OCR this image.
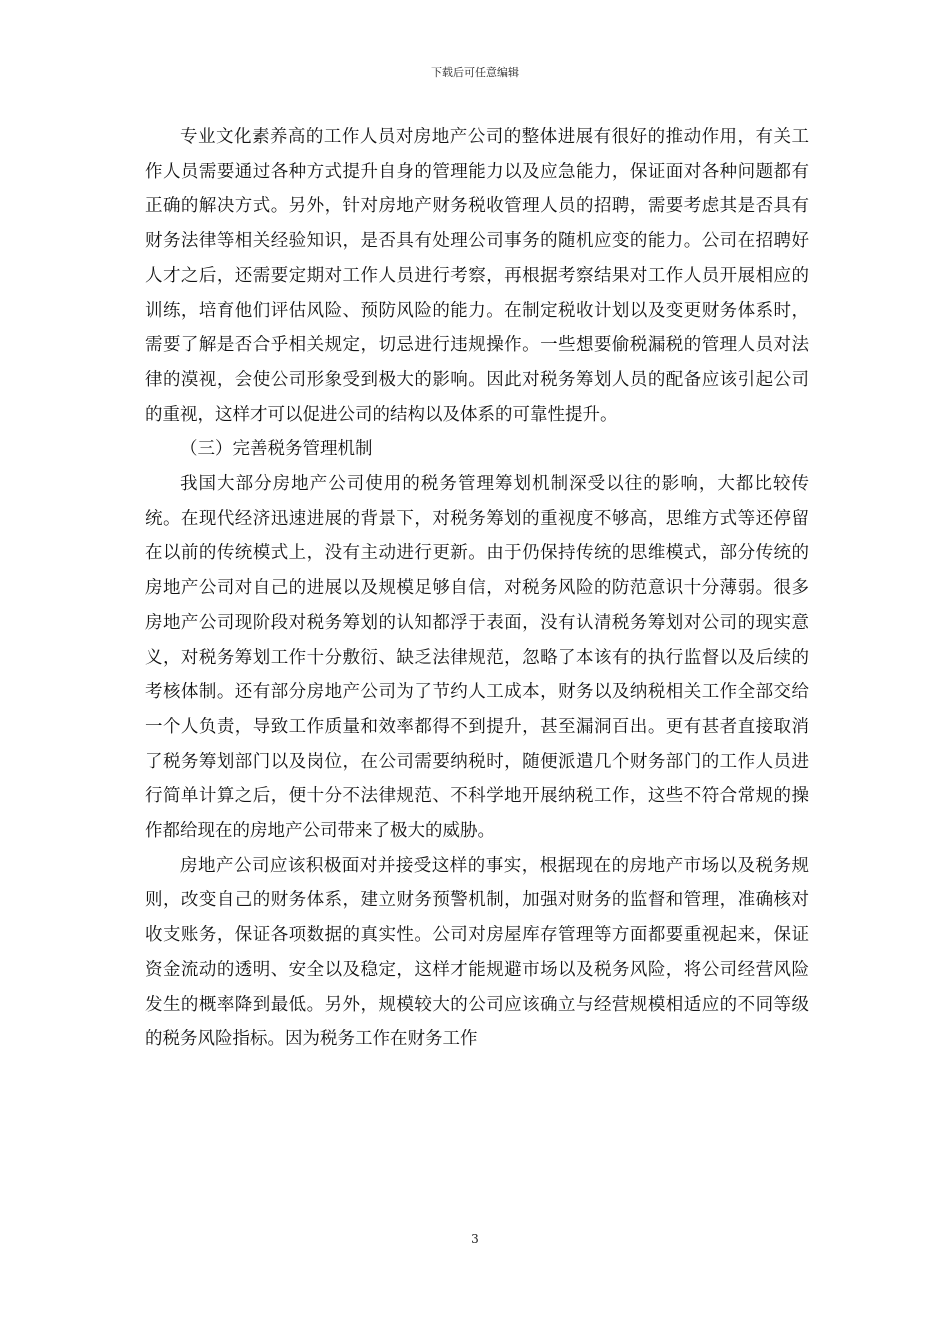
下载后可任意编辑

专业文化素养高的工作人员对房地产公司的整体进展有很好的推动作用，有关工作人员需要通过各种方式提升自身的管理能力以及应急能力，保证面对各种问题都有正确的解决方式。另外，针对房地产财务税收管理人员的招聘，需要考虑其是否具有财务法律等相关经验知识，是否具有处理公司事务的随机应变的能力。公司在招聘好人才之后，还需要定期对工作人员进行考察，再根据考察结果对工作人员开展相应的训练，培育他们评估风险、预防风险的能力。在制定税收计划以及变更财务体系时，需要了解是否合乎相关规定，切忌进行违规操作。一些想要偷税漏税的管理人员对法律的漠视，会使公司形象受到极大的影响。因此对税务筹划人员的配备应该引起公司的重视，这样才可以促进公司的结构以及体系的可靠性提升。

（三）完善税务管理机制

我国大部分房地产公司使用的税务管理筹划机制深受以往的影响，大都比较传统。在现代经济迅速进展的背景下，对税务筹划的重视度不够高，思维方式等还停留在以前的传统模式上，没有主动进行更新。由于仍保持传统的思维模式，部分传统的房地产公司对自己的进展以及规模足够自信，对税务风险的防范意识十分薄弱。很多房地产公司现阶段对税务筹划的认知都浮于表面，没有认清税务筹划对公司的现实意义，对税务筹划工作十分敷衍、缺乏法律规范，忽略了本该有的执行监督以及后续的考核体制。还有部分房地产公司为了节约人工成本，财务以及纳税相关工作全部交给一个人负责，导致工作质量和效率都得不到提升，甚至漏洞百出。更有甚者直接取消了税务筹划部门以及岗位，在公司需要纳税时，随便派遣几个财务部门的工作人员进行简单计算之后，便十分不法律规范、不科学地开展纳税工作，这些不符合常规的操作都给现在的房地产公司带来了极大的威胁。

房地产公司应该积极面对并接受这样的事实，根据现在的房地产市场以及税务规则，改变自己的财务体系，建立财务预警机制，加强对财务的监督和管理，准确核对收支账务，保证各项数据的真实性。公司对房屋库存管理等方面都要重视起来，保证资金流动的透明、安全以及稳定，这样才能规避市场以及税务风险，将公司经营风险发生的概率降到最低。另外，规模较大的公司应该确立与经营规模相适应的不同等级的税务风险指标。因为税务工作在财务工作

3
